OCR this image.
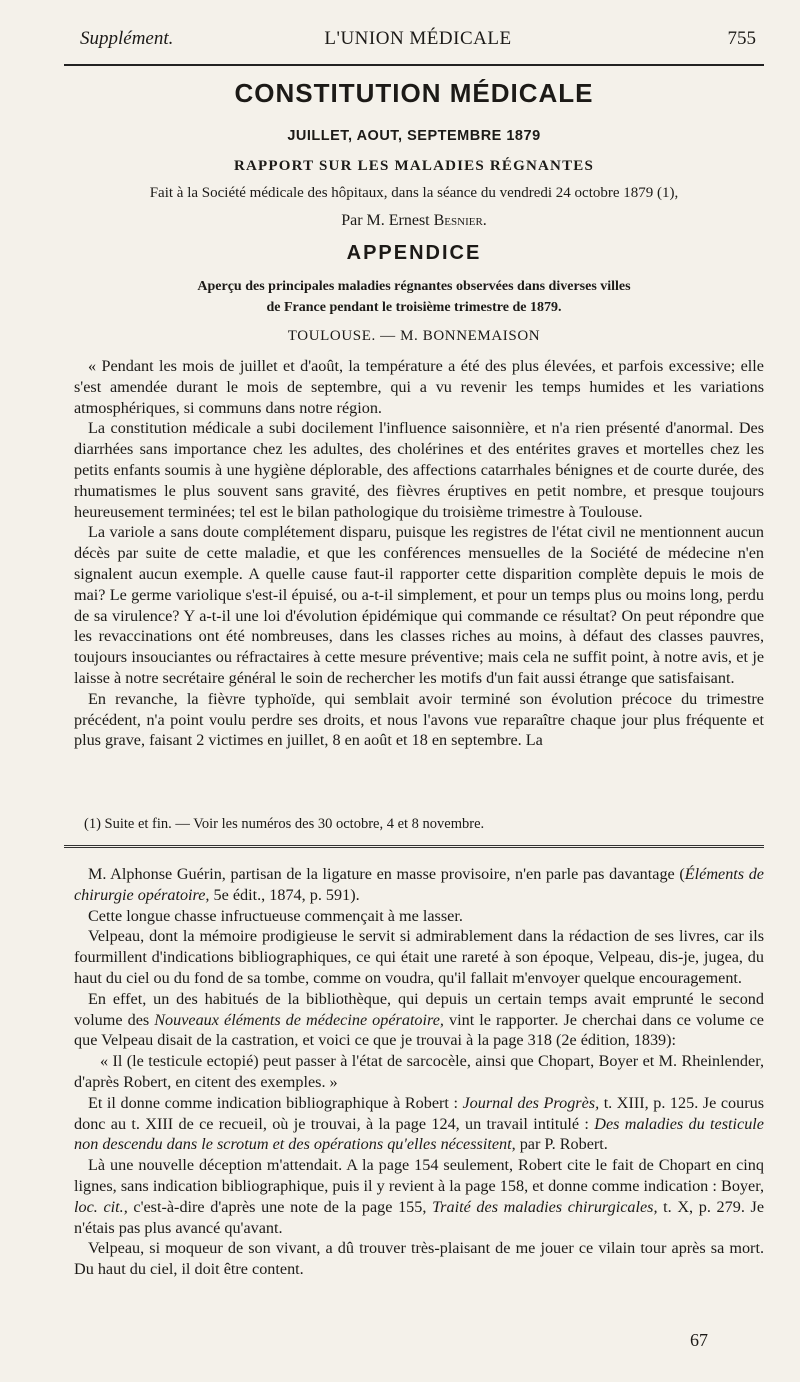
Supplément.	L'UNION MÉDICALE	755
CONSTITUTION MÉDICALE
JUILLET, AOUT, SEPTEMBRE 1879
RAPPORT SUR LES MALADIES RÉGNANTES
Fait à la Société médicale des hôpitaux, dans la séance du vendredi 24 octobre 1879 (1),
Par M. Ernest Besnier.
APPENDICE
Aperçu des principales maladies régnantes observées dans diverses villes
de France pendant le troisième trimestre de 1879.
TOULOUSE. — M. BONNEMAISON

« Pendant les mois de juillet et d'août, la température a été des plus élevées, et parfois excessive; elle s'est amendée durant le mois de septembre, qui a vu revenir les temps humides et les variations atmosphériques, si communs dans notre région.

La constitution médicale a subi docilement l'influence saisonnière, et n'a rien présenté d'anormal. Des diarrhées sans importance chez les adultes, des cholérines et des entérites graves et mortelles chez les petits enfants soumis à une hygiène déplorable, des affections catarrhales bénignes et de courte durée, des rhumatismes le plus souvent sans gravité, des fièvres éruptives en petit nombre, et presque toujours heureusement terminées; tel est le bilan pathologique du troisième trimestre à Toulouse.

La variole a sans doute complétement disparu, puisque les registres de l'état civil ne mentionnent aucun décès par suite de cette maladie, et que les conférences mensuelles de la Société de médecine n'en signalent aucun exemple. A quelle cause faut-il rapporter cette disparition complète depuis le mois de mai? Le germe variolique s'est-il épuisé, ou a-t-il simplement, et pour un temps plus ou moins long, perdu de sa virulence? Y a-t-il une loi d'évolution épidémique qui commande ce résultat? On peut répondre que les revaccinations ont été nombreuses, dans les classes riches au moins, à défaut des classes pauvres, toujours insouciantes ou réfractaires à cette mesure préventive; mais cela ne suffit point, à notre avis, et je laisse à notre secrétaire général le soin de rechercher les motifs d'un fait aussi étrange que satisfaisant.

En revanche, la fièvre typhoïde, qui semblait avoir terminé son évolution précoce du trimestre précédent, n'a point voulu perdre ses droits, et nous l'avons vue reparaître chaque jour plus fréquente et plus grave, faisant 2 victimes en juillet, 8 en août et 18 en septembre. La

(1) Suite et fin. — Voir les numéros des 30 octobre, 4 et 8 novembre.

M. Alphonse Guérin, partisan de la ligature en masse provisoire, n'en parle pas davantage (Éléments de chirurgie opératoire, 5e édit., 1874, p. 591).

Cette longue chasse infructueuse commençait à me lasser.

Velpeau, dont la mémoire prodigieuse le servit si admirablement dans la rédaction de ses livres, car ils fourmillent d'indications bibliographiques, ce qui était une rareté à son époque, Velpeau, dis-je, jugea, du haut du ciel ou du fond de sa tombe, comme on voudra, qu'il fallait m'envoyer quelque encouragement.

En effet, un des habitués de la bibliothèque, qui depuis un certain temps avait emprunté le second volume des Nouveaux éléments de médecine opératoire, vint le rapporter. Je cherchai dans ce volume ce que Velpeau disait de la castration, et voici ce que je trouvai à la page 318 (2e édition, 1839):

« Il (le testicule ectopié) peut passer à l'état de sarcocèle, ainsi que Chopart, Boyer et M. Rheinlender, d'après Robert, en citent des exemples. »

Et il donne comme indication bibliographique à Robert : Journal des Progrès, t. XIII, p. 125. Je courus donc au t. XIII de ce recueil, où je trouvai, à la page 124, un travail intitulé : Des maladies du testicule non descendu dans le scrotum et des opérations qu'elles nécessitent, par P. Robert.

Là une nouvelle déception m'attendait. A la page 154 seulement, Robert cite le fait de Chopart en cinq lignes, sans indication bibliographique, puis il y revient à la page 158, et donne comme indication : Boyer, loc. cit., c'est-à-dire d'après une note de la page 155, Traité des maladies chirurgicales, t. X, p. 279. Je n'étais pas plus avancé qu'avant.

Velpeau, si moqueur de son vivant, a dû trouver très-plaisant de me jouer ce vilain tour après sa mort. Du haut du ciel, il doit être content.

67
